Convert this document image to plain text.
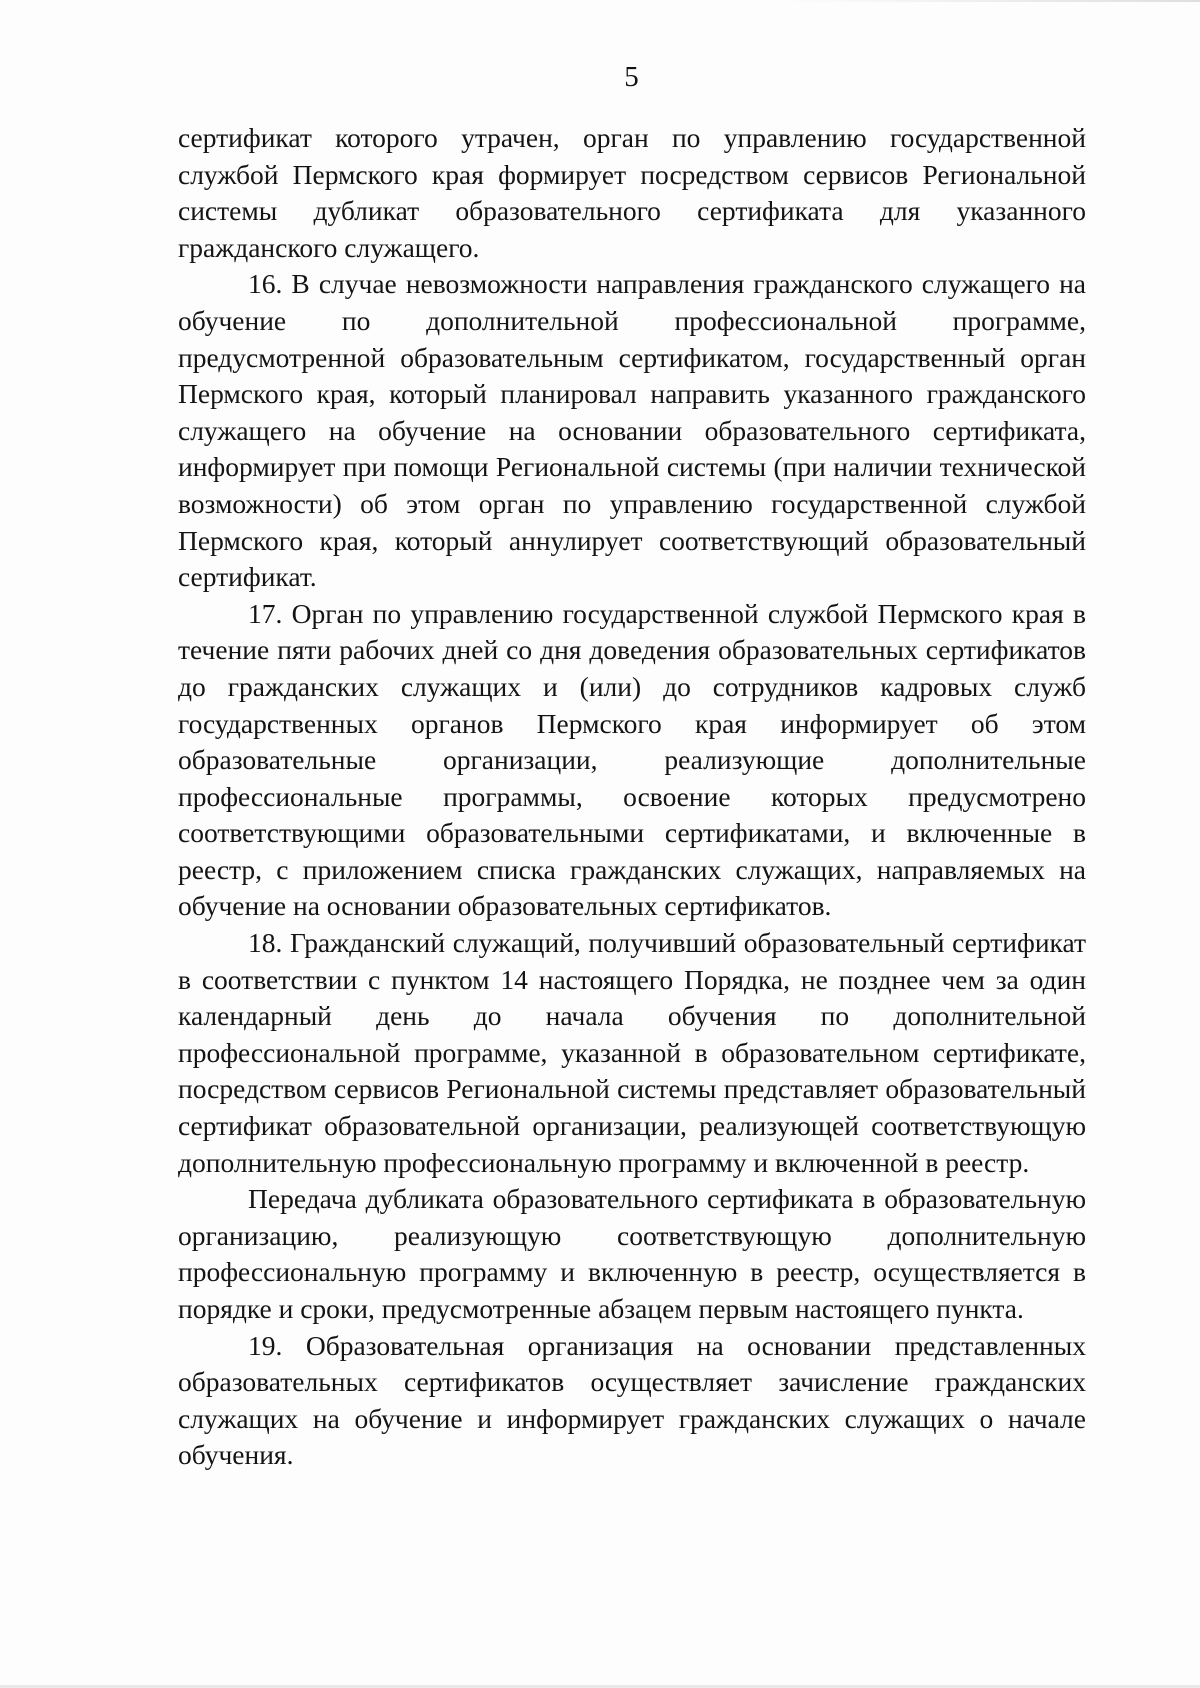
5

сертификат которого утрачен, орган по управлению государственной службой Пермского края формирует посредством сервисов Региональной системы дубликат образовательного сертификата для указанного гражданского служащего.

16. В случае невозможности направления гражданского служащего на обучение по дополнительной профессиональной программе, предусмотренной образовательным сертификатом, государственный орган Пермского края, который планировал направить указанного гражданского служащего на обучение на основании образовательного сертификата, информирует при помощи Региональной системы (при наличии технической возможности) об этом орган по управлению государственной службой Пермского края, который аннулирует соответствующий образовательный сертификат.

17. Орган по управлению государственной службой Пермского края в течение пяти рабочих дней со дня доведения образовательных сертификатов до гражданских служащих и (или) до сотрудников кадровых служб государственных органов Пермского края информирует об этом образовательные организации, реализующие дополнительные профессиональные программы, освоение которых предусмотрено соответствующими образовательными сертификатами, и включенные в реестр, с приложением списка гражданских служащих, направляемых на обучение на основании образовательных сертификатов.

18. Гражданский служащий, получивший образовательный сертификат в соответствии с пунктом 14 настоящего Порядка, не позднее чем за один календарный день до начала обучения по дополнительной профессиональной программе, указанной в образовательном сертификате, посредством сервисов Региональной системы представляет образовательный сертификат образовательной организации, реализующей соответствующую дополнительную профессиональную программу и включенной в реестр.

Передача дубликата образовательного сертификата в образовательную организацию, реализующую соответствующую дополнительную профессиональную программу и включенную в реестр, осуществляется в порядке и сроки, предусмотренные абзацем первым настоящего пункта.

19. Образовательная организация на основании представленных образовательных сертификатов осуществляет зачисление гражданских служащих на обучение и информирует гражданских служащих о начале обучения.
